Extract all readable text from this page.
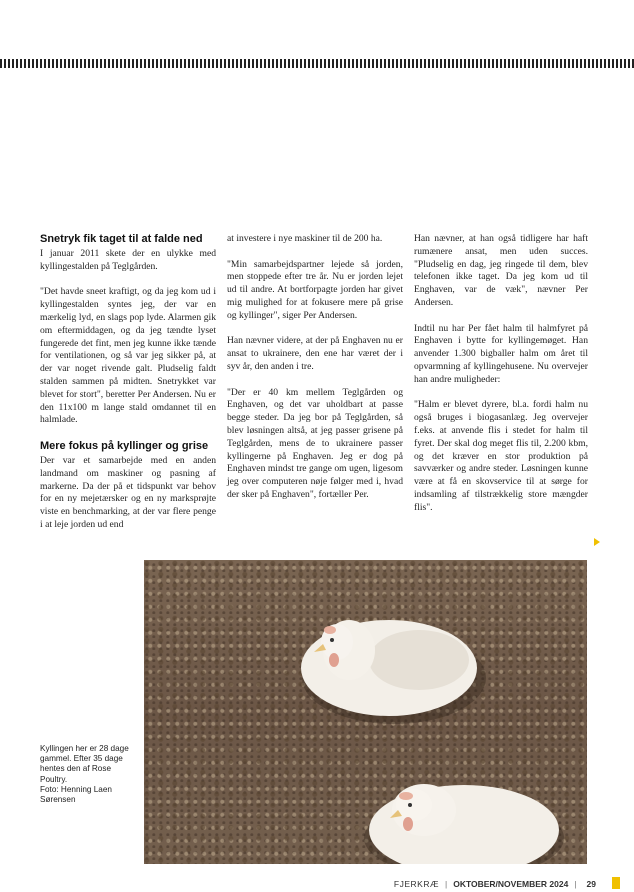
Snetryk fik taget til at falde ned

I januar 2011 skete der en ulykke med kyllingestalden på Teglgården.

"Det havde sneet kraftigt, og da jeg kom ud i kyllingestalden syntes jeg, der var en mærkelig lyd, en slags pop lyde. Alarmen gik om eftermiddagen, og da jeg tændte lyset fungerede det fint, men jeg kunne ikke tænde for ventilationen, og så var jeg sikker på, at der var noget rivende galt. Pludselig faldt stalden sammen på midten. Snetrykket var blevet for stort", beretter Per Andersen. Nu er den 11x100 m lange stald omdannet til en halmlade.

Mere fokus på kyllinger og grise

Der var et samarbejde med en anden landmand om maskiner og pasning af markerne. Da der på et tidspunkt var behov for en ny mejetærsker og en ny marksprøjte viste en benchmarking, at der var flere penge i at leje jorden ud end

at investere i nye maskiner til de 200 ha.

"Min samarbejdspartner lejede så jorden, men stoppede efter tre år. Nu er jorden lejet ud til andre. At bortforpagte jorden har givet mig mulighed for at fokusere mere på grise og kyllinger", siger Per Andersen.

Han nævner videre, at der på Enghaven nu er ansat to ukrainere, den ene har været der i syv år, den anden i tre.

"Der er 40 km mellem Teglgården og Enghaven, og det var uholdbart at passe begge steder. Da jeg bor på Teglgården, så blev løsningen altså, at jeg passer grisene på Teglgården, mens de to ukrainere passer kyllingerne på Enghaven. Jeg er dog på Enghaven mindst tre gange om ugen, ligesom jeg over computeren nøje følger med i, hvad der sker på Enghaven", fortæller Per.

Han nævner, at han også tidligere har haft rumænere ansat, men uden succes. "Pludselig en dag, jeg ringede til dem, blev telefonen ikke taget. Da jeg kom ud til Enghaven, var de væk", nævner Per Andersen.

Indtil nu har Per fået halm til halmfyret på Enghaven i bytte for kyllingemøget. Han anvender 1.300 bigballer halm om året til opvarmning af kyllingehusene. Nu overvejer han andre muligheder:

"Halm er blevet dyrere, bl.a. fordi halm nu også bruges i biogasanlæg. Jeg overvejer f.eks. at anvende flis i stedet for halm til fyret. Der skal dog meget flis til, 2.200 kbm, og det kræver en stor produktion på savværker og andre steder. Løsningen kunne være at få en skovservice til at sørge for indsamling af tilstrækkelig store mængder flis".

Kyllingen her er 28 dage gammel. Efter 35 dage hentes den af Rose Poultry.
Foto: Henning Laen Sørensen
FJERKRÆ | OKTOBER/NOVEMBER 2024 | 29
